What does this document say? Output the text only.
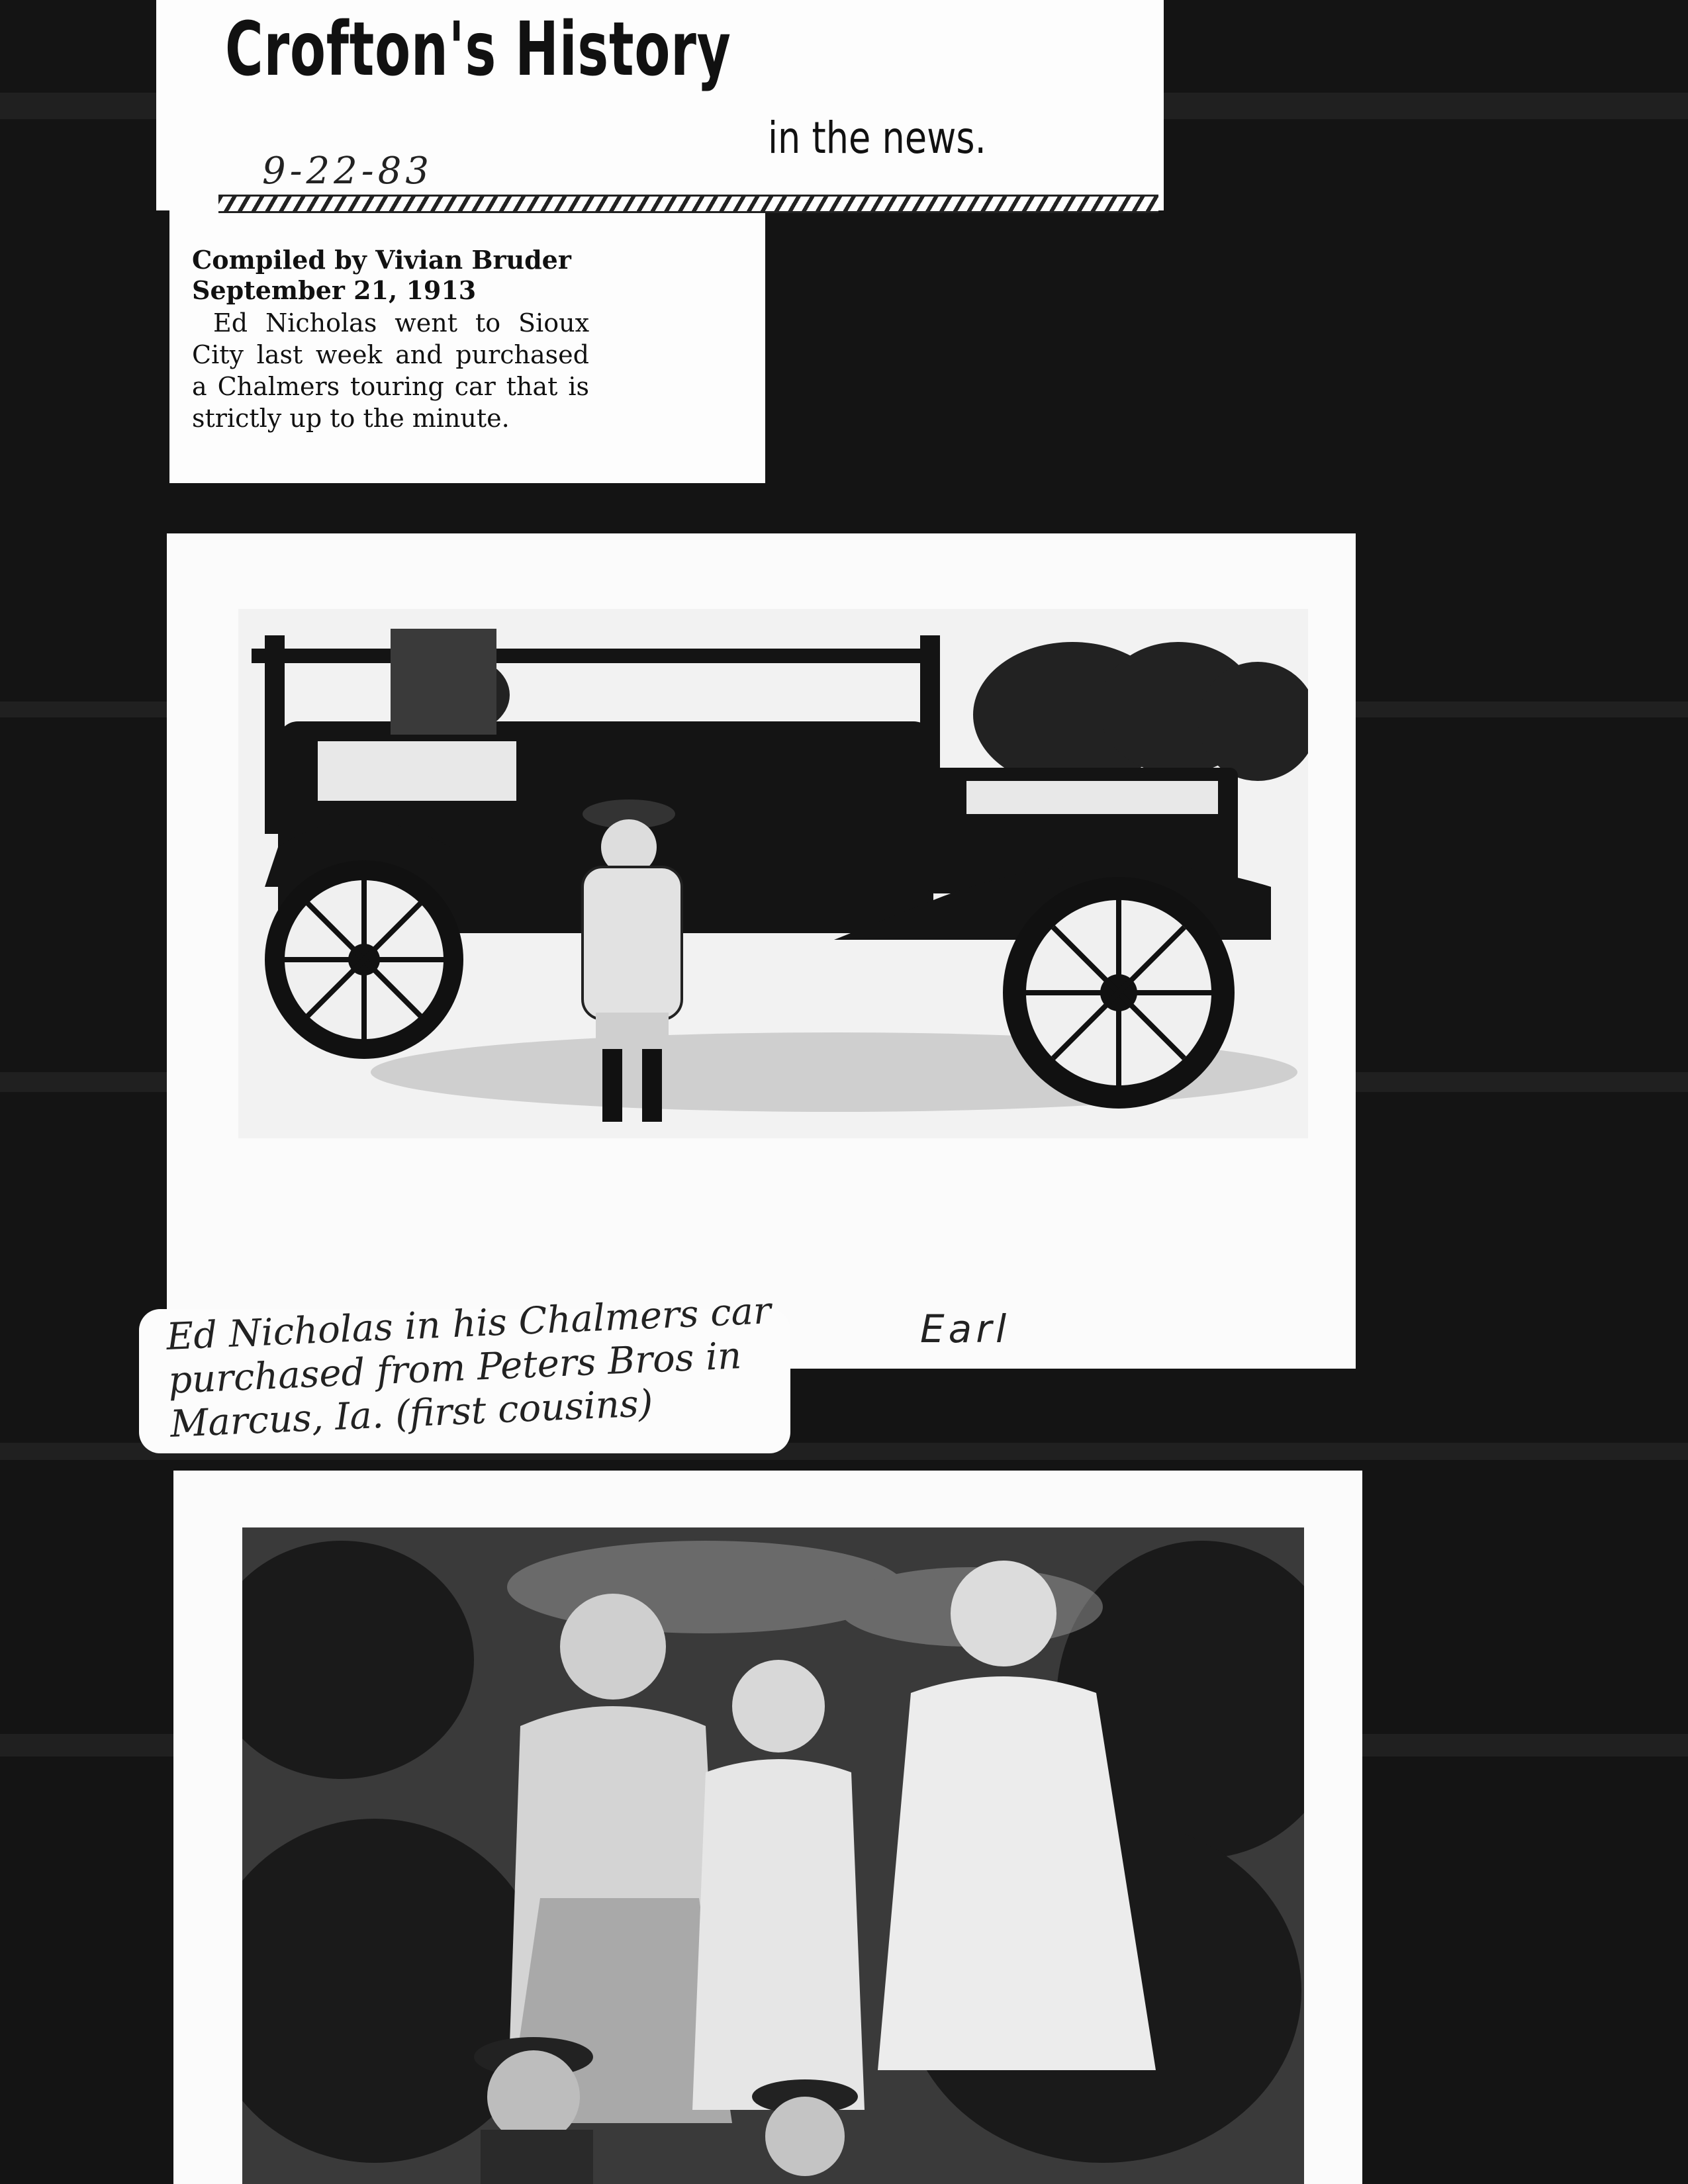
Crofton's History
in the news.
9-22-83
Compiled by Vivian Bruder
September 21, 1913
Ed Nicholas went to Sioux City last week and purchased a Chalmers touring car that is strictly up to the minute.
Earl
Ed Nicholas in his Chalmers car purchased from Peters Bros in Marcus, Ia. (first cousins)
